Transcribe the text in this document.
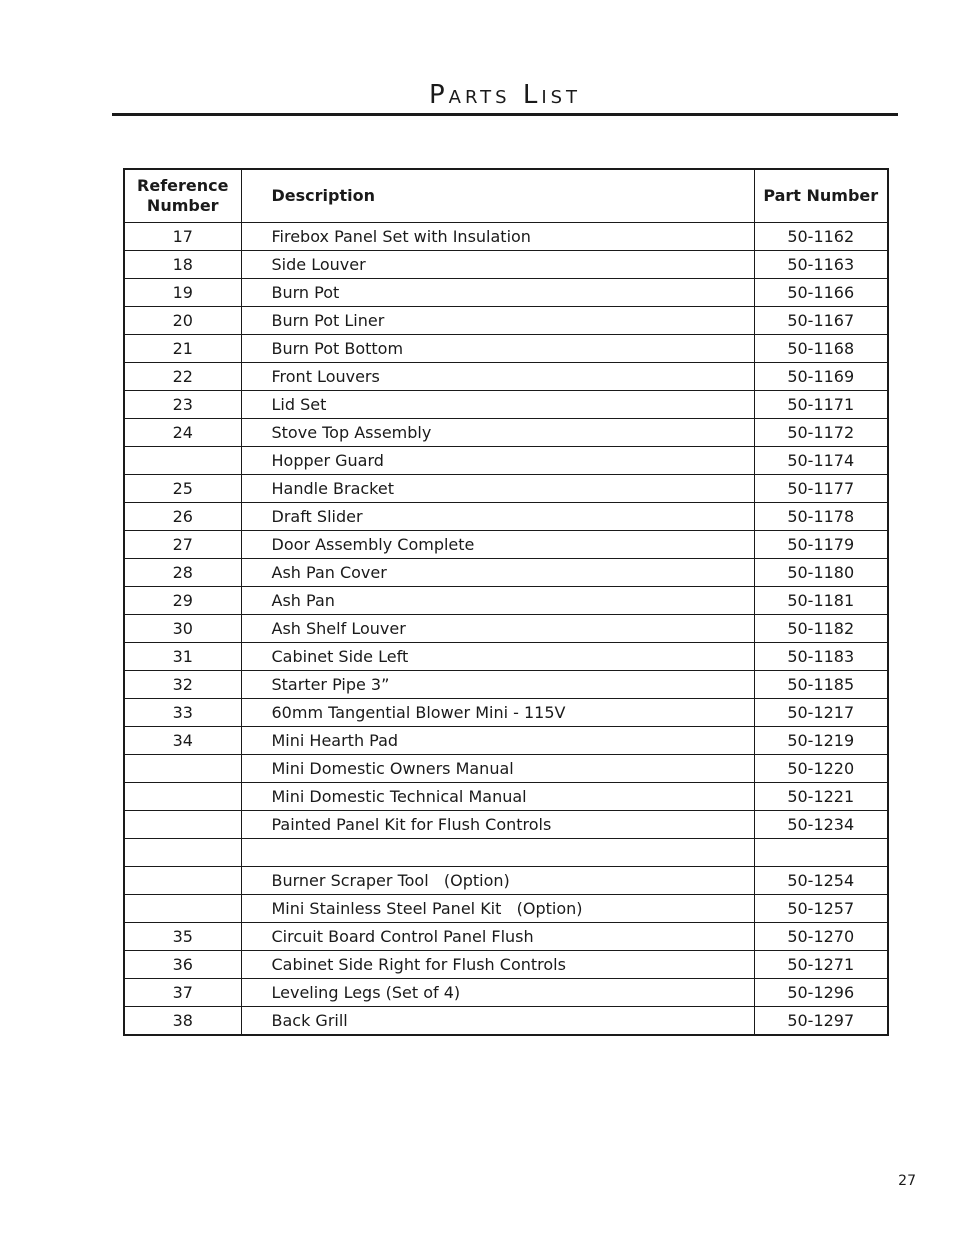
Parts List
Reference Number	Description	Part Number
17	Firebox Panel Set with Insulation	50-1162
18	Side Louver	50-1163
19	Burn Pot	50-1166
20	Burn Pot Liner	50-1167
21	Burn Pot Bottom	50-1168
22	Front Louvers	50-1169
23	Lid Set	50-1171
24	Stove Top Assembly	50-1172
	Hopper Guard	50-1174
25	Handle Bracket	50-1177
26	Draft Slider	50-1178
27	Door Assembly Complete	50-1179
28	Ash Pan Cover	50-1180
29	Ash Pan	50-1181
30	Ash Shelf Louver	50-1182
31	Cabinet Side Left	50-1183
32	Starter Pipe 3”	50-1185
33	60mm Tangential Blower Mini - 115V	50-1217
34	Mini Hearth Pad	50-1219
	Mini Domestic Owners Manual	50-1220
	Mini Domestic Technical Manual	50-1221
	Painted Panel Kit for Flush Controls	50-1234

	Burner Scraper Tool   (Option)	50-1254
	Mini Stainless Steel Panel Kit   (Option)	50-1257
35	Circuit Board Control Panel Flush	50-1270
36	Cabinet Side Right for Flush Controls	50-1271
37	Leveling Legs (Set of 4)	50-1296
38	Back Grill	50-1297
27
